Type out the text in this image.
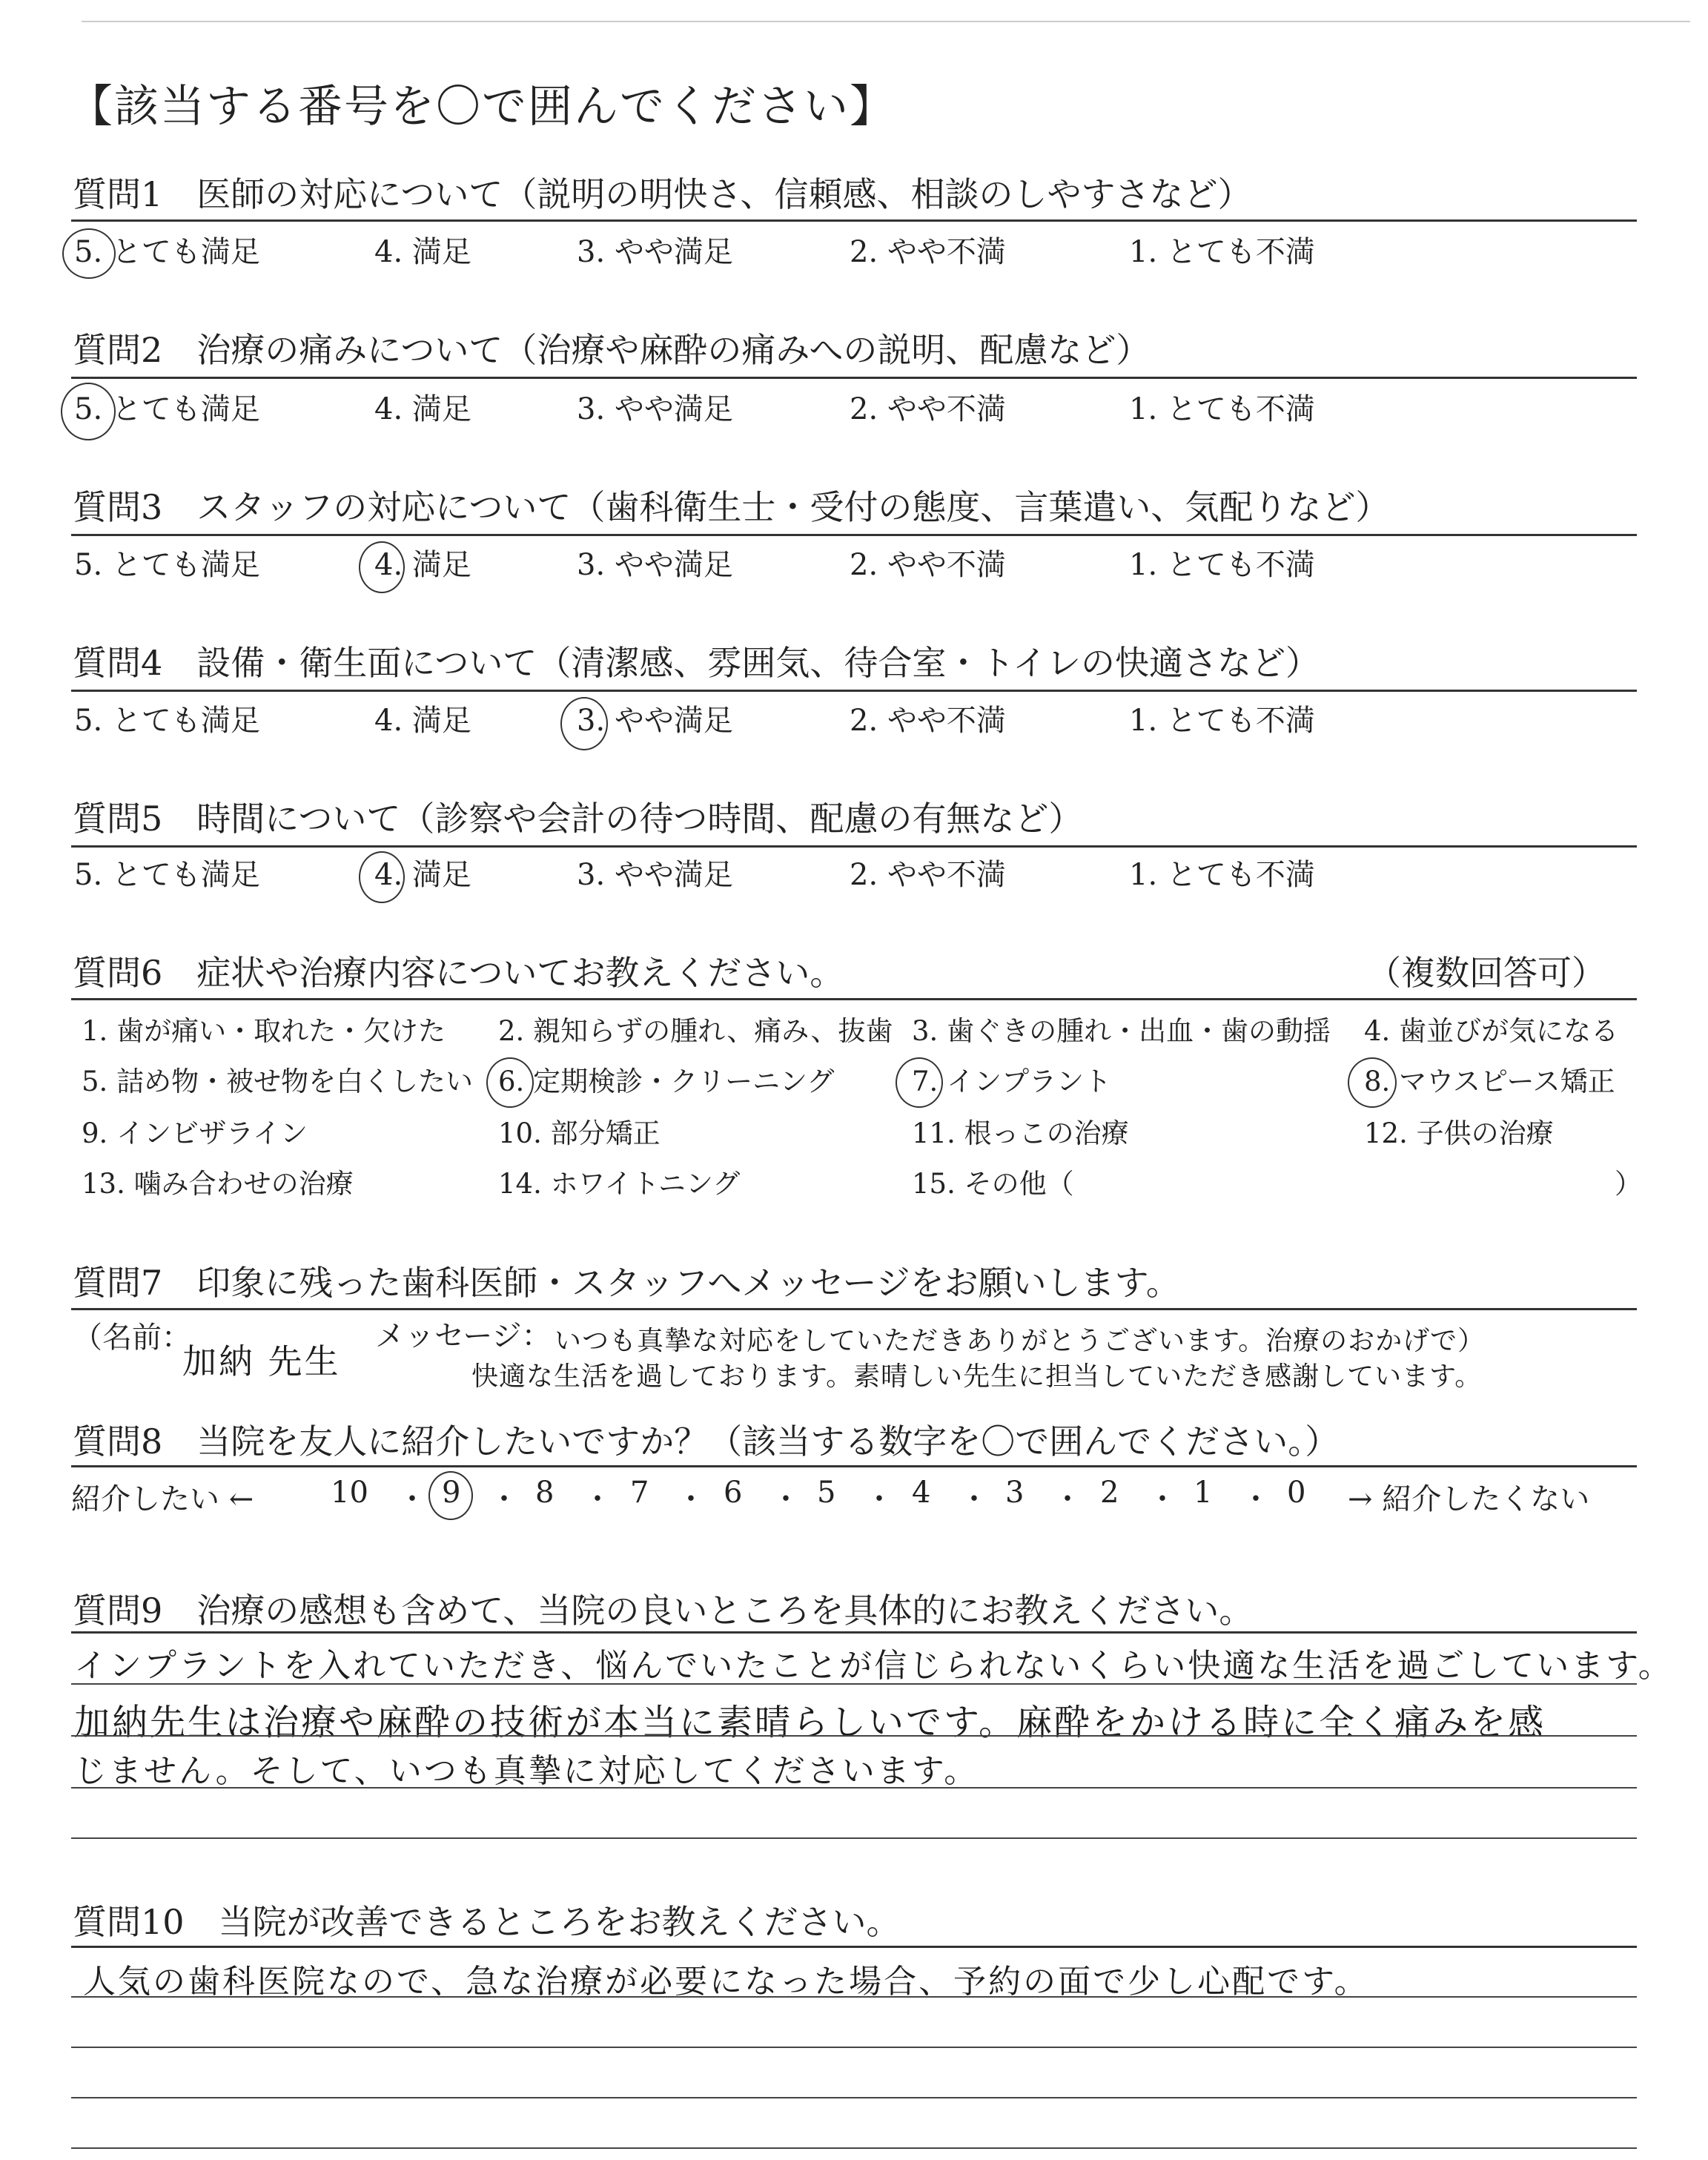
【該当する番号を〇で囲んでください】
質問1　医師の対応について（説明の明快さ、信頼感、相談のしやすさなど）
5. とても満足	4. 満足	3. やや満足	2. やや不満	1. とても不満
質問2　治療の痛みについて（治療や麻酔の痛みへの説明、配慮など）
5. とても満足	4. 満足	3. やや満足	2. やや不満	1. とても不満
質問3　スタッフの対応について（歯科衛生士・受付の態度、言葉遣い、気配りなど）
5. とても満足	4. 満足	3. やや満足	2. やや不満	1. とても不満
質問4　設備・衛生面について（清潔感、雰囲気、待合室・トイレの快適さなど）
5. とても満足	4. 満足	3. やや満足	2. やや不満	1. とても不満
質問5　時間について（診察や会計の待つ時間、配慮の有無など）
5. とても満足	4. 満足	3. やや満足	2. やや不満	1. とても不満
質問6　症状や治療内容についてお教えください。	（複数回答可）
1. 歯が痛い・取れた・欠けた 2. 親知らずの腫れ、痛み、抜歯 3. 歯ぐきの腫れ・出血・歯の動揺 4. 歯並びが気になる
5. 詰め物・被せ物を白くしたい 6. 定期検診・クリーニング	7. インプラント	8. マウスピース矯正
9. インビザライン	10. 部分矯正	11. 根っこの治療	12. 子供の治療
13. 噛み合わせの治療	14. ホワイトニング	15. その他（	）
質問7　印象に残った歯科医師・スタッフへメッセージをお願いします。
（名前：
加納 先生
メッセージ： いつも真摯な対応をしていただきありがとうございます。治療のおかげで）
快適な生活を過しております。素晴しい先生に担当していただき感謝しています。
質問8　当院を友人に紹介したいですか？（該当する数字を〇で囲んでください。）
紹介したい ←	→ 紹介したくない
10 ・ 9 ・ 8 ・ 7 ・ 6 ・ 5 ・ 4 ・ 3 ・ 2 ・ 1 ・ 0
質問9　治療の感想も含めて、当院の良いところを具体的にお教えください。
インプラントを入れていただき、悩んでいたことが信じられないくらい快適な生活を過ごしています。
加納先生は治療や麻酔の技術が本当に素晴らしいです。麻酔をかける時に全く痛みを感
じません。そして、いつも真摯に対応してくださいます。
質問10　当院が改善できるところをお教えください。
人気の歯科医院なので、急な治療が必要になった場合、予約の面で少し心配です。
